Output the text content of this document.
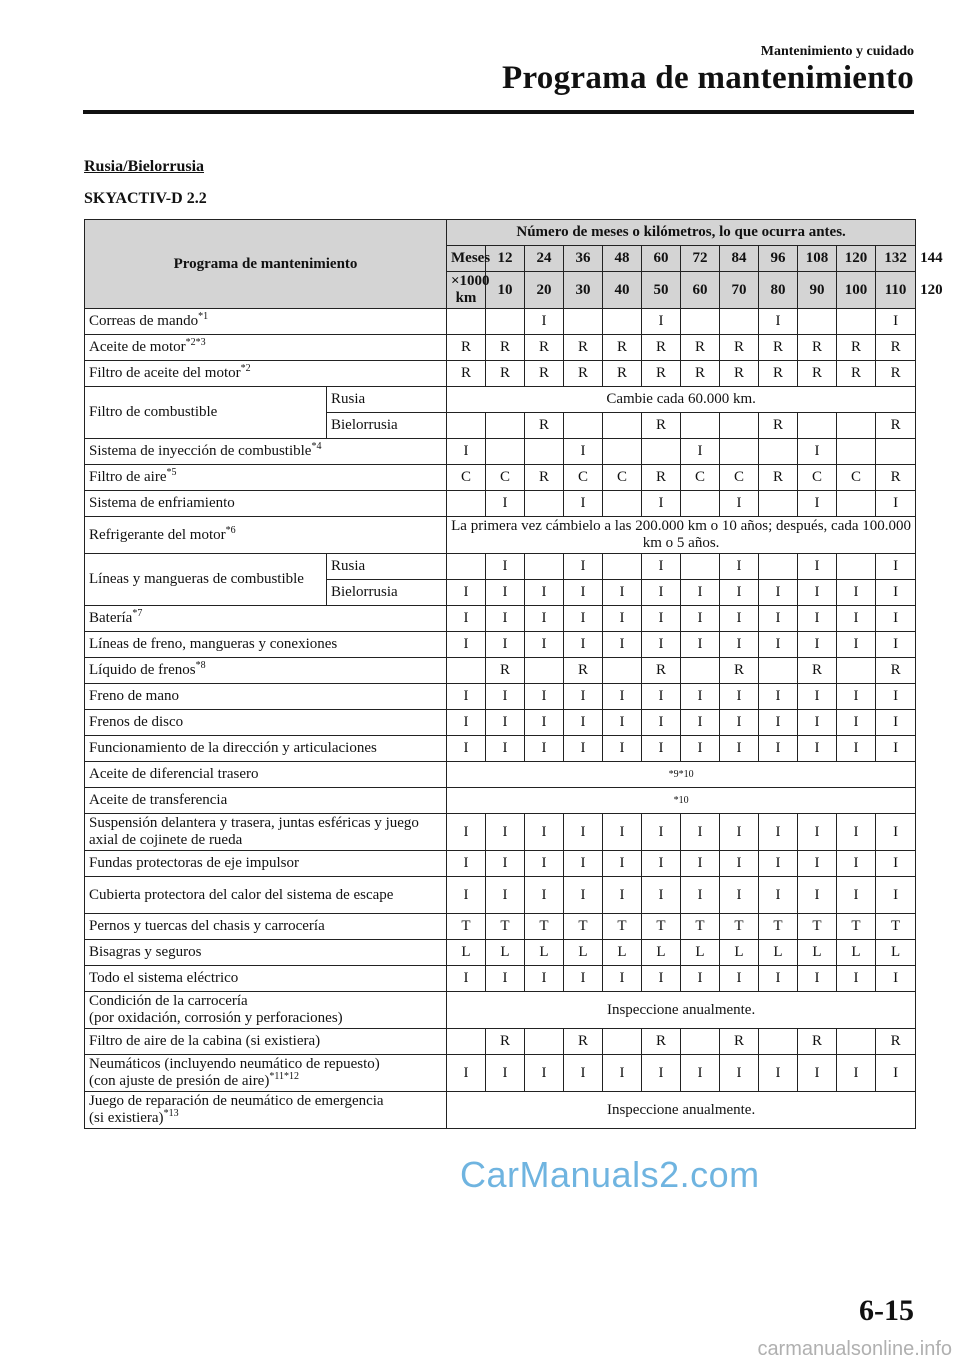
Mantenimiento y cuidado
Programa de mantenimiento
Rusia/Bielorrusia
SKYACTIV-D 2.2
Programa de mantenimiento		Número de meses o kilómetros, lo que ocurra antes.												
		Meses	12	24	36	48	60	72	84	96	108	120	132	144
		×1000 km	10	20	30	40	50	60	70	80	90	100	110	120
Correas de mando$^{*1}$				I			I			I			I	
Aceite de motor$^{*2*3}$		R	R	R	R	R	R	R	R	R	R	R	R	
Filtro de aceite del motor$^{*2}$		R	R	R	R	R	R	R	R	R	R	R	R	
Filtro de combustible	Rusia	Cambie cada 60.000 km.												
	Bielorrusia			R			R			R			R	
Sistema de inyección de combustible$^{*4}$		I			I			I			I			
Filtro de aire$^{*5}$		C	C	R	C	C	R	C	C	R	C	C	R	
Sistema de enfriamiento			I		I		I		I		I		I	
Refrigerante del motor$^{*6}$		La primera vez cámbielo a las 200.000 km o 10 años; después, cada 100.000 km o 5 años.												
Líneas y mangueras de combustible	Rusia		I		I		I		I		I		I	
	Bielorrusia	I	I	I	I	I	I	I	I	I	I	I	I	
Batería$^{*7}$		I	I	I	I	I	I	I	I	I	I	I	I	
Líneas de freno, mangueras y conexiones		I	I	I	I	I	I	I	I	I	I	I	I	
Líquido de frenos$^{*8}$			R		R		R		R		R		R	
Freno de mano		I	I	I	I	I	I	I	I	I	I	I	I	
Frenos de disco		I	I	I	I	I	I	I	I	I	I	I	I	
Funcionamiento de la dirección y articulaciones		I	I	I	I	I	I	I	I	I	I	I	I	
Aceite de diferencial trasero		*9*10												
Aceite de transferencia		*10												
Suspensión delantera y trasera, juntas esféricas y juego axial de cojinete de rueda		I	I	I	I	I	I	I	I	I	I	I	I	
Fundas protectoras de eje impulsor		I	I	I	I	I	I	I	I	I	I	I	I	
Cubierta protectora del calor del sistema de escape		I	I	I	I	I	I	I	I	I	I	I	I	
Pernos y tuercas del chasis y carrocería		T	T	T	T	T	T	T	T	T	T	T	T	
Bisagras y seguros		L	L	L	L	L	L	L	L	L	L	L	L	
Todo el sistema eléctrico		I	I	I	I	I	I	I	I	I	I	I	I	
Condición de la carrocería
(por oxidación, corrosión y perforaciones)		Inspeccione anualmente.												
Filtro de aire de la cabina (si existiera)			R		R		R		R		R		R	
Neumáticos (incluyendo neumático de repuesto)
(con ajuste de presión de aire)$^{*11*12}$		I	I	I	I	I	I	I	I	I	I	I	I	
Juego de reparación de neumático de emergencia
(si existiera)$^{*13}$		Inspeccione anualmente.												
CarManuals2.com
6-15
carmanualsonline.info
